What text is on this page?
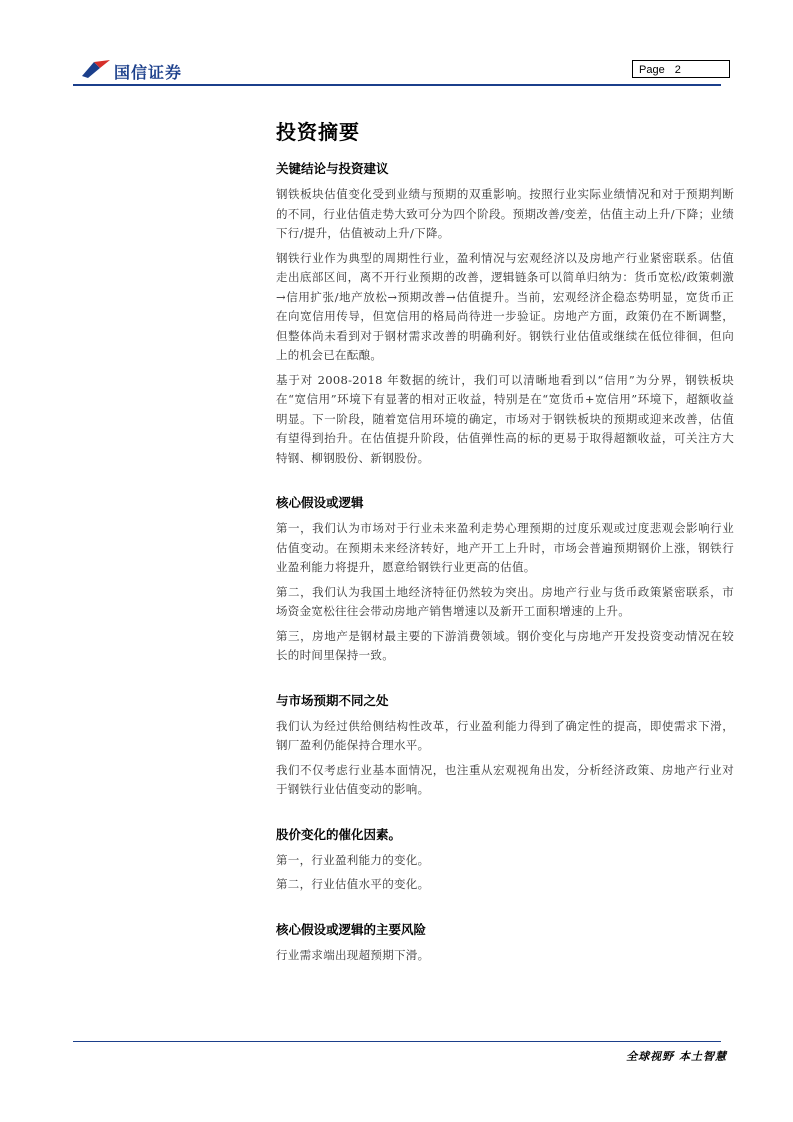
国信证券	Page 2
投资摘要
关键结论与投资建议

钢铁板块估值变化受到业绩与预期的双重影响。按照行业实际业绩情况和对于预期判断的不同，行业估值走势大致可分为四个阶段。预期改善/变差，估值主动上升/下降；业绩下行/提升，估值被动上升/下降。

钢铁行业作为典型的周期性行业，盈利情况与宏观经济以及房地产行业紧密联系。估值走出底部区间，离不开行业预期的改善，逻辑链条可以简单归纳为：货币宽松/政策刺激→信用扩张/地产放松→预期改善→估值提升。当前，宏观经济企稳态势明显，宽货币正在向宽信用传导，但宽信用的格局尚待进一步验证。房地产方面，政策仍在不断调整，但整体尚未看到对于钢材需求改善的明确利好。钢铁行业估值或继续在低位徘徊，但向上的机会已在酝酿。

基于对 2008-2018 年数据的统计，我们可以清晰地看到以“信用”为分界，钢铁板块在“宽信用”环境下有显著的相对正收益，特别是在“宽货币+宽信用”环境下，超额收益明显。下一阶段，随着宽信用环境的确定，市场对于钢铁板块的预期或迎来改善，估值有望得到抬升。在估值提升阶段，估值弹性高的标的更易于取得超额收益，可关注方大特钢、柳钢股份、新钢股份。

核心假设或逻辑

第一，我们认为市场对于行业未来盈利走势心理预期的过度乐观或过度悲观会影响行业估值变动。在预期未来经济转好，地产开工上升时，市场会普遍预期钢价上涨，钢铁行业盈利能力将提升，愿意给钢铁行业更高的估值。

第二，我们认为我国土地经济特征仍然较为突出。房地产行业与货币政策紧密联系，市场资金宽松往往会带动房地产销售增速以及新开工面积增速的上升。

第三，房地产是钢材最主要的下游消费领域。钢价变化与房地产开发投资变动情况在较长的时间里保持一致。

与市场预期不同之处

我们认为经过供给侧结构性改革，行业盈利能力得到了确定性的提高，即使需求下滑，钢厂盈利仍能保持合理水平。

我们不仅考虑行业基本面情况，也注重从宏观视角出发，分析经济政策、房地产行业对于钢铁行业估值变动的影响。

股价变化的催化因素。

第一，行业盈利能力的变化。

第二，行业估值水平的变化。

核心假设或逻辑的主要风险

行业需求端出现超预期下滑。

全球视野 本土智慧
